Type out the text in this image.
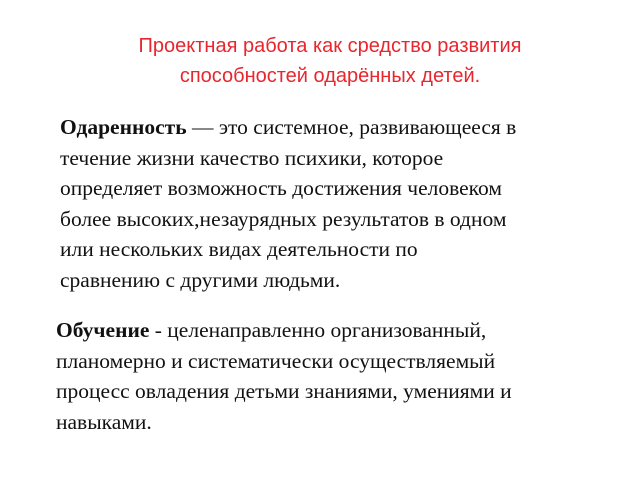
Проектная работа как средство развития
способностей одарённых детей.
Одаренность — это системное, развивающееся в
течение жизни качество психики, которое
определяет возможность достижения человеком
более высоких,незаурядных результатов в одном
или нескольких видах деятельности по
сравнению с другими людьми.
Обучение - целенаправленно организованный,
планомерно и систематически осуществляемый
процесс овладения детьми знаниями, умениями и
навыками.
